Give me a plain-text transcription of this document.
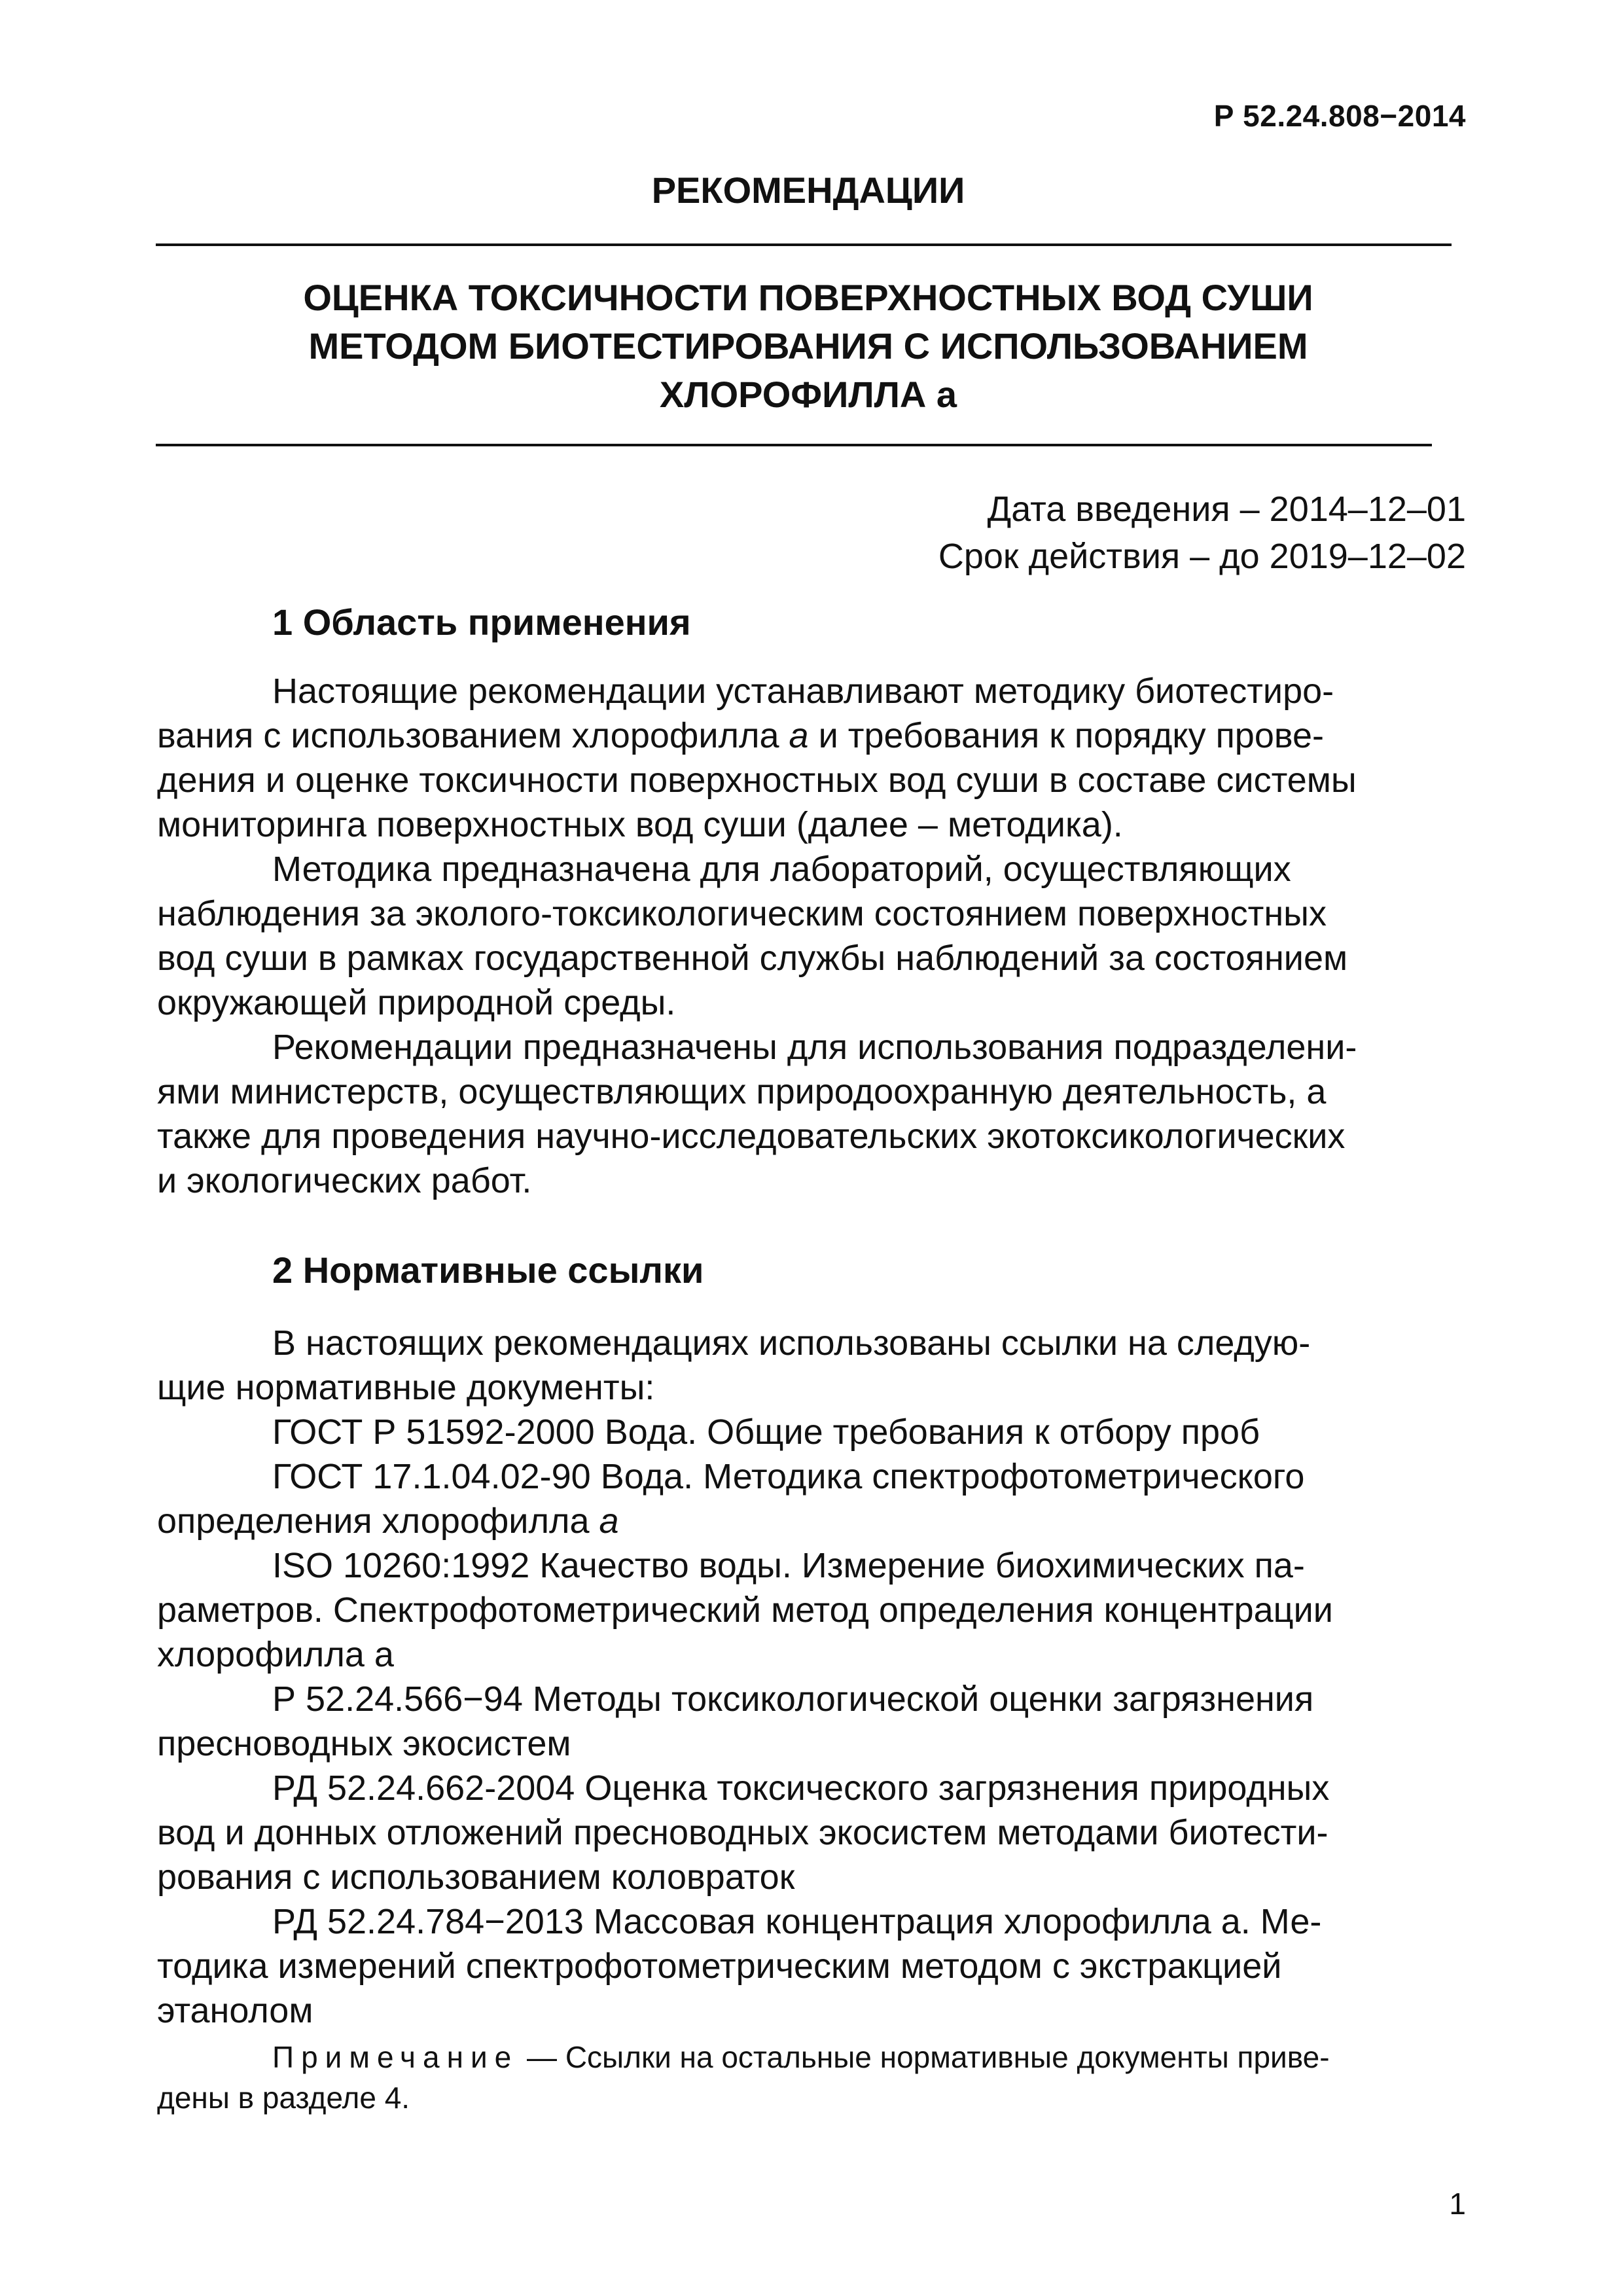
Р 52.24.808−2014
РЕКОМЕНДАЦИИ
ОЦЕНКА ТОКСИЧНОСТИ ПОВЕРХНОСТНЫХ ВОД СУШИ
МЕТОДОМ БИОТЕСТИРОВАНИЯ С ИСПОЛЬЗОВАНИЕМ
ХЛОРОФИЛЛА а
Дата введения – 2014–12–01
Срок действия – до 2019–12–02
1 Область применения
Настоящие рекомендации устанавливают методику биотестиро-
вания с использованием хлорофилла а и требования к порядку прове-
дения и оценке токсичности поверхностных вод суши в составе системы
мониторинга поверхностных вод суши (далее – методика).
Методика предназначена для лабораторий, осуществляющих
наблюдения за эколого-токсикологическим состоянием поверхностных
вод суши в рамках государственной службы наблюдений за состоянием
окружающей природной среды.
Рекомендации предназначены для использования подразделени-
ями министерств, осуществляющих природоохранную деятельность, а
также для проведения научно-исследовательских экотоксикологических
и экологических работ.
2 Нормативные ссылки
В настоящих рекомендациях использованы ссылки на следую-
щие нормативные документы:
ГОСТ Р 51592-2000 Вода. Общие требования к отбору проб
ГОСТ 17.1.04.02-90 Вода. Методика спектрофотометрического
определения хлорофилла а
ISO 10260:1992 Качество воды. Измерение биохимических па-
раметров. Спектрофотометрический метод определения концентрации
хлорофилла а
Р 52.24.566−94 Методы токсикологической оценки загрязнения
пресноводных экосистем
РД 52.24.662-2004 Оценка токсического загрязнения природных
вод и донных отложений пресноводных экосистем методами биотести-
рования с использованием коловраток
РД 52.24.784−2013 Массовая концентрация хлорофилла а. Ме-
тодика измерений спектрофотометрическим методом с экстракцией
этанолом
Примечание — Ссылки на остальные нормативные документы приве-
дены в разделе 4.
1
